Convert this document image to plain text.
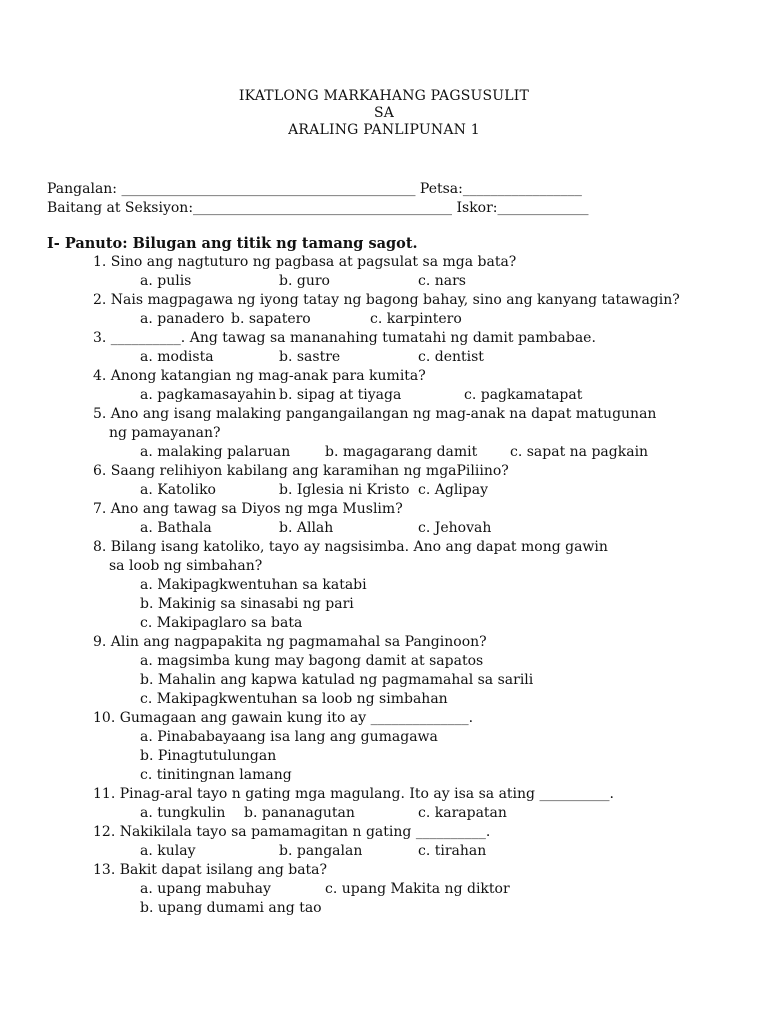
IKATLONG MARKAHANG PAGSUSULIT
SA
ARALING PANLIPUNAN 1
Pangalan: __________________________________________ Petsa:_________________
Baitang at Seksiyon:_____________________________________ Iskor:_____________
I- Panuto: Bilugan ang titik ng tamang sagot.
1. Sino ang nagtuturo ng pagbasa at pagsulat sa mga bata?
a. pulis	b. guro	c. nars
2. Nais magpagawa ng iyong tatay ng bagong bahay, sino ang kanyang tatawagin?
a. panadero b. sapatero	c. karpintero
3. __________. Ang tawag sa mananahing tumatahi ng damit pambabae.
a. modista	b. sastre	c. dentist
4. Anong katangian ng mag-anak para kumita?
a. pagkamasayahin b. sipag at tiyaga	c. pagkamatapat
5. Ano ang isang malaking pangangailangan ng mag-anak na dapat matugunan
ng pamayanan?
a. malaking palaruan b. magagarang damit c. sapat na pagkain
6. Saang relihiyon kabilang ang karamihan ng mgaPiliino?
a. Katoliko	b. Iglesia ni Kristo c. Aglipay
7. Ano ang tawag sa Diyos ng mga Muslim?
a. Bathala	b. Allah	c. Jehovah
8. Bilang isang katoliko, tayo ay nagsisimba. Ano ang dapat mong gawin
sa loob ng simbahan?
a. Makipagkwentuhan sa katabi
b. Makinig sa sinasabi ng pari
c. Makipaglaro sa bata
9. Alin ang nagpapakita ng pagmamahal sa Panginoon?
a. magsimba kung may bagong damit at sapatos
b. Mahalin ang kapwa katulad ng pagmamahal sa sarili
c. Makipagkwentuhan sa loob ng simbahan
10. Gumagaan ang gawain kung ito ay ______________.
a. Pinababayaang isa lang ang gumagawa
b. Pinagtutulungan
c. tinitingnan lamang
11. Pinag-aral tayo n gating mga magulang. Ito ay isa sa ating __________.
a. tungkulin b. pananagutan	c. karapatan
12. Nakikilala tayo sa pamamagitan n gating __________.
a. kulay	b. pangalan	c. tirahan
13. Bakit dapat isilang ang bata?
a. upang mabuhay	c. upang Makita ng diktor
b. upang dumami ang tao
